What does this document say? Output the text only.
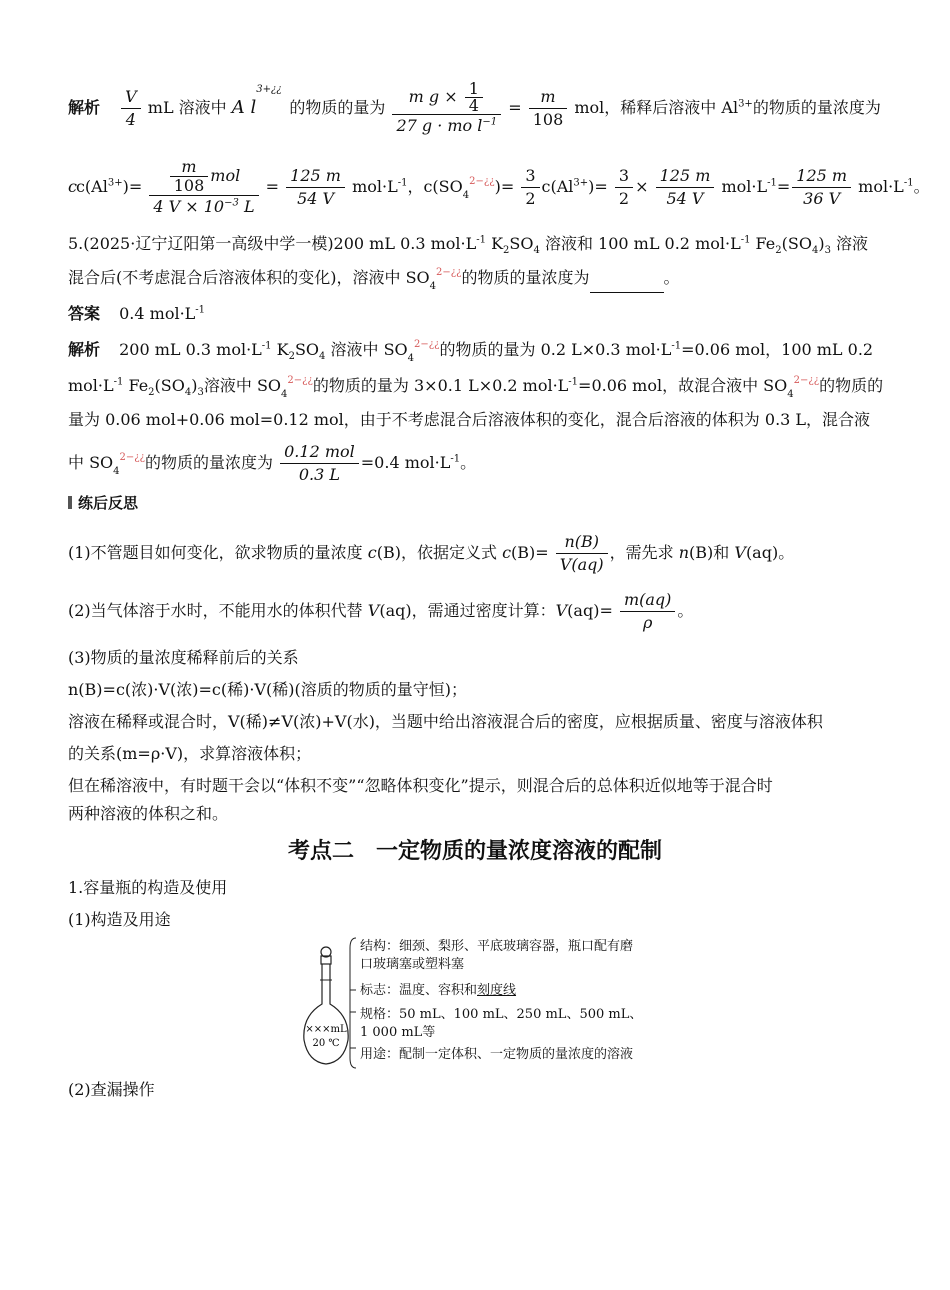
解析 $\frac{V}{4}$ mL 溶液中 A l
3+¿¿
的物质的量为 $\frac{m g \times \frac{1}{4}}{27 g \cdot mo l^{-1}} = \frac{m}{108}$ mol，稀释后溶液中 $Al^{3+}$的物质的量浓度为
$cc(Al^{3+})= \frac{\frac{m}{108} mol}{4 V \times 10^{-3} L} = \frac{125 m}{54 V} mol\cdot L^{-1}$，$c(SO_4^{2-¿¿})= \frac{3}{2} c(Al^{3+})= \frac{3}{2} \times \frac{125 m}{54 V} mol\cdot L^{-1}= \frac{125 m}{36 V} mol\cdot L^{-1}$。
5.(2025·辽宁辽阳第一高级中学一模)200 mL 0.3 $mol\cdot L^{-1}$ $K_2SO_4$ 溶液和 100 mL 0.2 $mol\cdot L^{-1}$ $Fe_2(SO_4)_3$ 溶液
混合后(不考虑混合后溶液体积的变化)，溶液中 $SO_4^{2-¿¿}$的物质的量浓度为	。
答案 0.4 $mol\cdot L^{-1}$
解析 200 mL 0.3 $mol\cdot L^{-1}$ $K_2SO_4$ 溶液中 $SO_4^{2-¿¿}$的物质的量为 0.2 L×0.3 $mol\cdot L^{-1}=0.06$ mol，100 mL 0.2
$mol\cdot L^{-1}$ $Fe_2(SO_4)_3$溶液中 $SO_4^{2-¿¿}$的物质的量为 3×0.1 L×0.2 $mol\cdot L^{-1}=0.06$ mol，故混合液中 $SO_4^{2-¿¿}$的物质的
量为 0.06 mol+0.06 mol=0.12 mol，由于不考虑混合后溶液体积的变化，混合后溶液的体积为 0.3 L，混合液
中 $SO_4^{2-¿¿}$的物质的量浓度为 $\frac{\text{0.12 mol}}{0.3 L} =0.4$ $mol\cdot L^{-1}$。
练后反思
(1)不管题目如何变化，欲求物质的量浓度 c(B)，依据定义式 $c(B)= \frac{n(B)}{V(aq)}$ ，需先求 n(B)和 V(aq)。
(2)当气体溶于水时，不能用水的体积代替 V(aq)，需通过密度计算：$V(aq)= \frac{m(aq)}{\rho}$ 。
(3)物质的量浓度稀释前后的关系
n(B)=c(浓)·V(浓)=c(稀)·V(稀)(溶质的物质的量守恒)；
溶液在稀释或混合时，V(稀)≠V(浓)+V(水)，当题中给出溶液混合后的密度，应根据质量、密度与溶液体积
的关系(m=ρ·V)，求算溶液体积；
但在稀溶液中，有时题干会以“体积不变”“忽略体积变化”提示，则混合后的总体积近似地等于混合时
两种溶液的体积之和。
考点二　一定物质的量浓度溶液的配制
1.容量瓶的构造及使用
(1)构造及用途
×××mL
20 ℃
结构：细颈、梨形、平底玻璃容器，瓶口配有磨
口玻璃塞或塑料塞
标志：温度、容积和刻度线
规格：50 mL、100 mL、250 mL、500 mL、
1 000 mL等
用途：配制一定体积、一定物质的量浓度的溶液
(2)查漏操作
